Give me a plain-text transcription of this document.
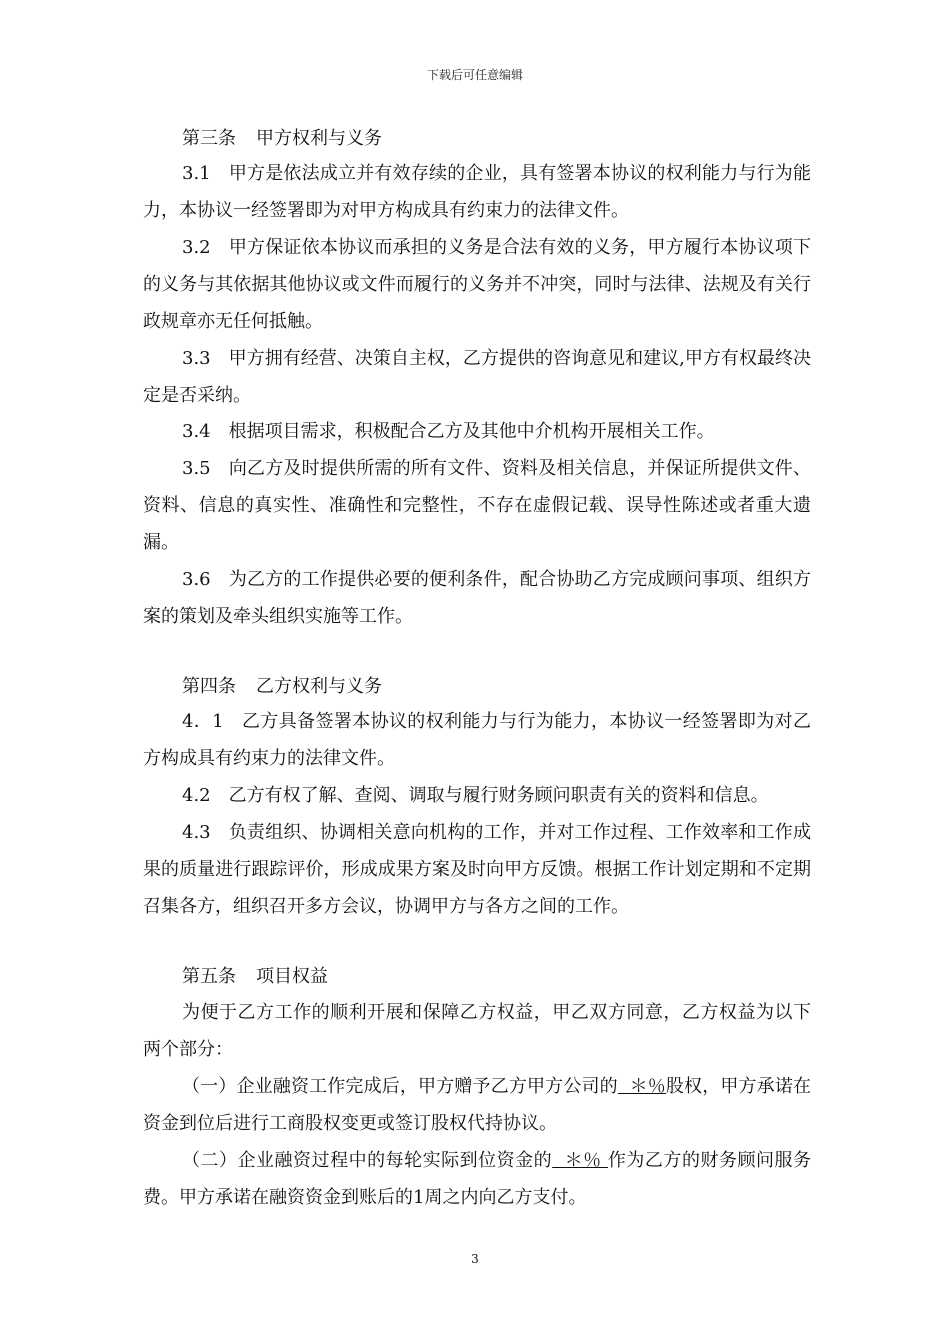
下载后可任意编辑
第三条 甲方权利与义务
3.1 甲方是依法成立并有效存续的企业，具有签署本协议的权利能力与行为能力，本协议一经签署即为对甲方构成具有约束力的法律文件。
3.2 甲方保证依本协议而承担的义务是合法有效的义务，甲方履行本协议项下的义务与其依据其他协议或文件而履行的义务并不冲突，同时与法律、法规及有关行政规章亦无任何抵触。
3.3 甲方拥有经营、决策自主权，乙方提供的咨询意见和建议,甲方有权最终决定是否采纳。
3.4 根据项目需求，积极配合乙方及其他中介机构开展相关工作。
3.5 向乙方及时提供所需的所有文件、资料及相关信息，并保证所提供文件、资料、信息的真实性、准确性和完整性，不存在虚假记载、误导性陈述或者重大遗漏。
3.6 为乙方的工作提供必要的便利条件，配合协助乙方完成顾问事项、组织方案的策划及牵头组织实施等工作。
第四条 乙方权利与义务
4．1 乙方具备签署本协议的权利能力与行为能力，本协议一经签署即为对乙方构成具有约束力的法律文件。
4.2 乙方有权了解、查阅、调取与履行财务顾问职责有关的资料和信息。
4.3 负责组织、协调相关意向机构的工作，并对工作过程、工作效率和工作成果的质量进行跟踪评价，形成成果方案及时向甲方反馈。根据工作计划定期和不定期召集各方，组织召开多方会议，协调甲方与各方之间的工作。
第五条 项目权益
为便于乙方工作的顺利开展和保障乙方权益，甲乙双方同意，乙方权益为以下两个部分：
（一）企业融资工作完成后，甲方赠予乙方甲方公司的  ＊％股权，甲方承诺在资金到位后进行工商股权变更或签订股权代持协议。
（二）企业融资过程中的每轮实际到位资金的  ＊％ 作为乙方的财务顾问服务费。甲方承诺在融资资金到账后的1周之内向乙方支付。
3
